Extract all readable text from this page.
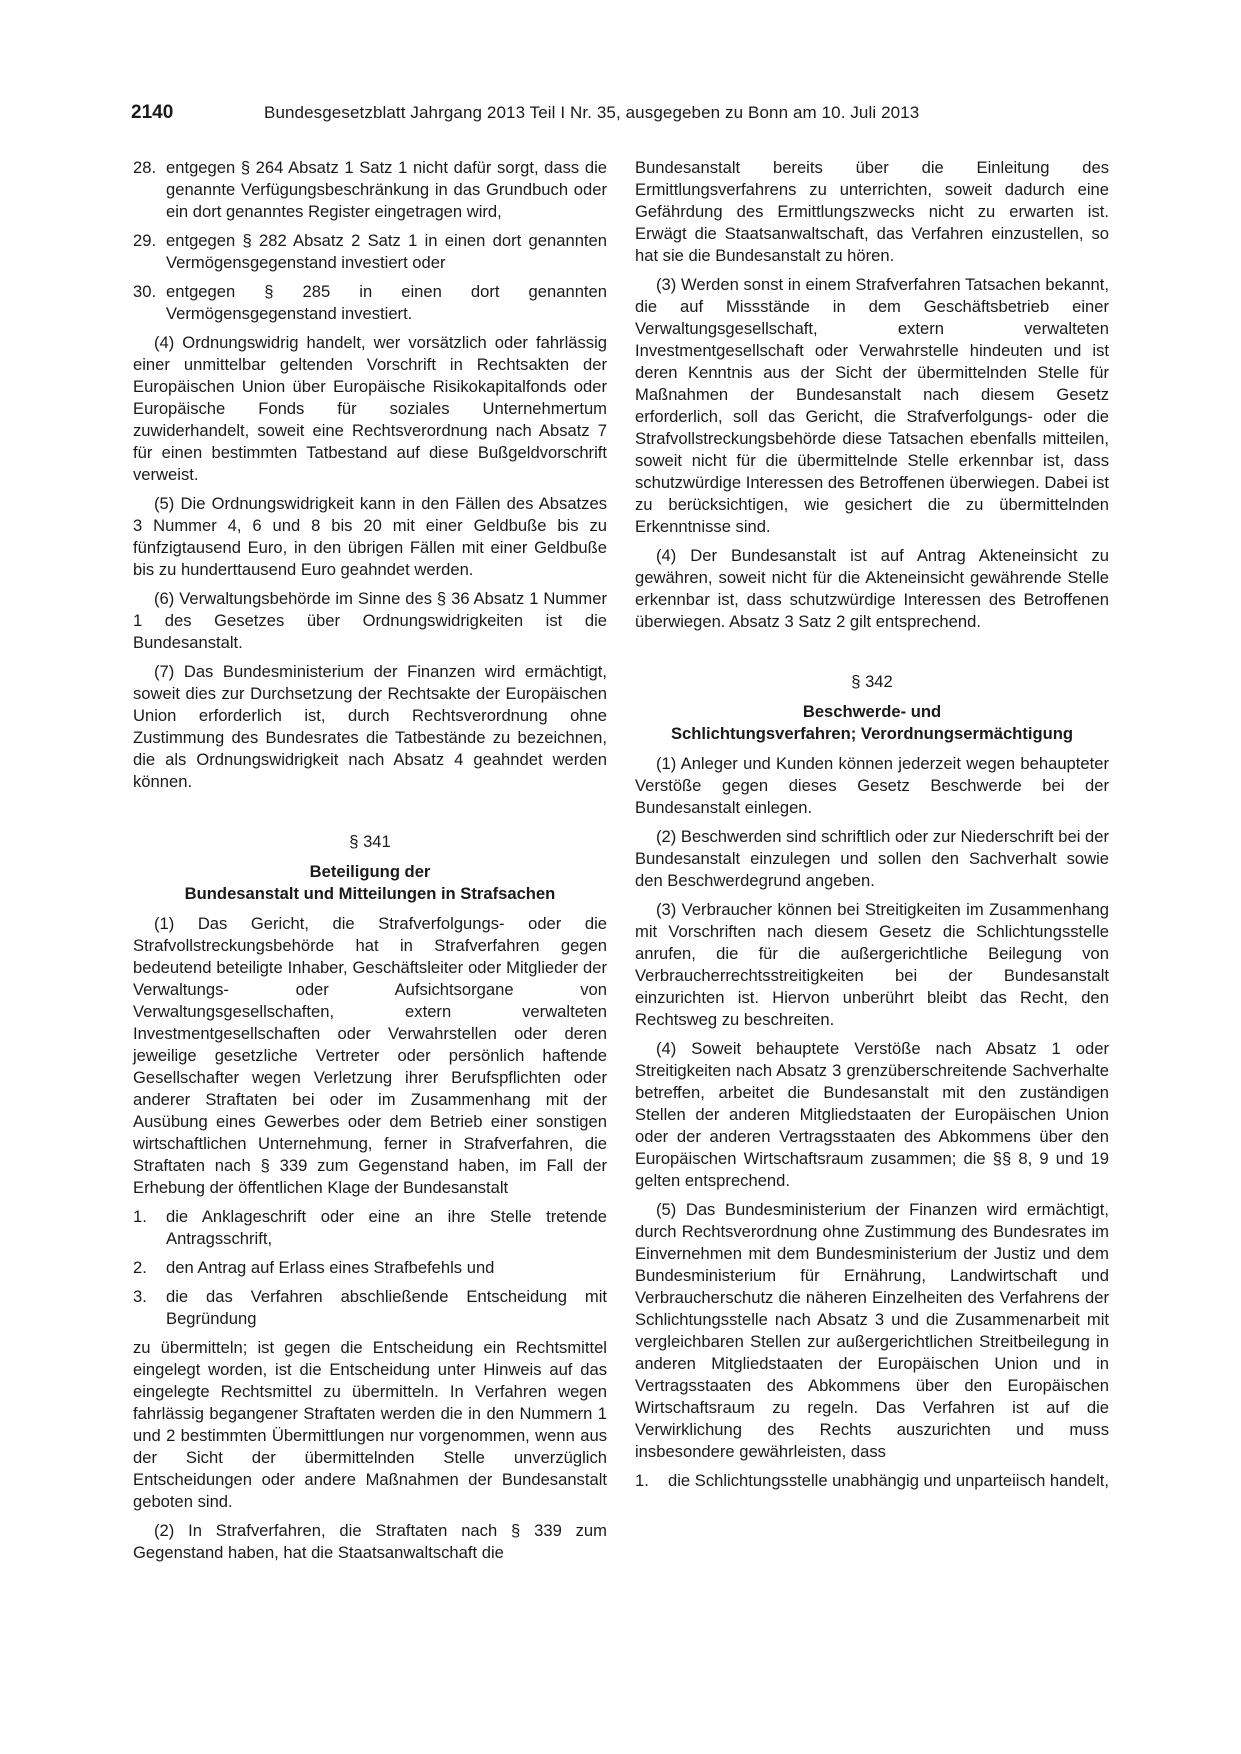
2140	Bundesgesetzblatt Jahrgang 2013 Teil I Nr. 35, ausgegeben zu Bonn am 10. Juli 2013
28. entgegen § 264 Absatz 1 Satz 1 nicht dafür sorgt, dass die genannte Verfügungsbeschränkung in das Grundbuch oder ein dort genanntes Register eingetragen wird,
29. entgegen § 282 Absatz 2 Satz 1 in einen dort genannten Vermögensgegenstand investiert oder
30. entgegen § 285 in einen dort genannten Vermögensgegenstand investiert.

(4) Ordnungswidrig handelt, wer vorsätzlich oder fahrlässig einer unmittelbar geltenden Vorschrift in Rechtsakten der Europäischen Union über Europäische Risikokapitalfonds oder Europäische Fonds für soziales Unternehmertum zuwiderhandelt, soweit eine Rechtsverordnung nach Absatz 7 für einen bestimmten Tatbestand auf diese Bußgeldvorschrift verweist.

(5) Die Ordnungswidrigkeit kann in den Fällen des Absatzes 3 Nummer 4, 6 und 8 bis 20 mit einer Geldbuße bis zu fünfzigtausend Euro, in den übrigen Fällen mit einer Geldbuße bis zu hunderttausend Euro geahndet werden.

(6) Verwaltungsbehörde im Sinne des § 36 Absatz 1 Nummer 1 des Gesetzes über Ordnungswidrigkeiten ist die Bundesanstalt.

(7) Das Bundesministerium der Finanzen wird ermächtigt, soweit dies zur Durchsetzung der Rechtsakte der Europäischen Union erforderlich ist, durch Rechtsverordnung ohne Zustimmung des Bundesrates die Tatbestände zu bezeichnen, die als Ordnungswidrigkeit nach Absatz 4 geahndet werden können.

§ 341
Beteiligung der
Bundesanstalt und Mitteilungen in Strafsachen

(1) Das Gericht, die Strafverfolgungs- oder die Strafvollstreckungsbehörde hat in Strafverfahren gegen bedeutend beteiligte Inhaber, Geschäftsleiter oder Mitglieder der Verwaltungs- oder Aufsichtsorgane von Verwaltungsgesellschaften, extern verwalteten Investmentgesellschaften oder Verwahrstellen oder deren jeweilige gesetzliche Vertreter oder persönlich haftende Gesellschafter wegen Verletzung ihrer Berufspflichten oder anderer Straftaten bei oder im Zusammenhang mit der Ausübung eines Gewerbes oder dem Betrieb einer sonstigen wirtschaftlichen Unternehmung, ferner in Strafverfahren, die Straftaten nach § 339 zum Gegenstand haben, im Fall der Erhebung der öffentlichen Klage der Bundesanstalt

1.	die Anklageschrift oder eine an ihre Stelle tretende Antragsschrift,
2.	den Antrag auf Erlass eines Strafbefehls und
3.	die das Verfahren abschließende Entscheidung mit Begründung

zu übermitteln; ist gegen die Entscheidung ein Rechtsmittel eingelegt worden, ist die Entscheidung unter Hinweis auf das eingelegte Rechtsmittel zu übermitteln. In Verfahren wegen fahrlässig begangener Straftaten werden die in den Nummern 1 und 2 bestimmten Übermittlungen nur vorgenommen, wenn aus der Sicht der übermittelnden Stelle unverzüglich Entscheidungen oder andere Maßnahmen der Bundesanstalt geboten sind.

(2) In Strafverfahren, die Straftaten nach § 339 zum Gegenstand haben, hat die Staatsanwaltschaft die

Bundesanstalt bereits über die Einleitung des Ermittlungsverfahrens zu unterrichten, soweit dadurch eine Gefährdung des Ermittlungszwecks nicht zu erwarten ist. Erwägt die Staatsanwaltschaft, das Verfahren einzustellen, so hat sie die Bundesanstalt zu hören.

(3) Werden sonst in einem Strafverfahren Tatsachen bekannt, die auf Missstände in dem Geschäftsbetrieb einer Verwaltungsgesellschaft, extern verwalteten Investmentgesellschaft oder Verwahrstelle hindeuten und ist deren Kenntnis aus der Sicht der übermittelnden Stelle für Maßnahmen der Bundesanstalt nach diesem Gesetz erforderlich, soll das Gericht, die Strafverfolgungs- oder die Strafvollstreckungsbehörde diese Tatsachen ebenfalls mitteilen, soweit nicht für die übermittelnde Stelle erkennbar ist, dass schutzwürdige Interessen des Betroffenen überwiegen. Dabei ist zu berücksichtigen, wie gesichert die zu übermittelnden Erkenntnisse sind.

(4) Der Bundesanstalt ist auf Antrag Akteneinsicht zu gewähren, soweit nicht für die Akteneinsicht gewährende Stelle erkennbar ist, dass schutzwürdige Interessen des Betroffenen überwiegen. Absatz 3 Satz 2 gilt entsprechend.

§ 342
Beschwerde- und
Schlichtungsverfahren; Verordnungsermächtigung

(1) Anleger und Kunden können jederzeit wegen behaupteter Verstöße gegen dieses Gesetz Beschwerde bei der Bundesanstalt einlegen.

(2) Beschwerden sind schriftlich oder zur Niederschrift bei der Bundesanstalt einzulegen und sollen den Sachverhalt sowie den Beschwerdegrund angeben.

(3) Verbraucher können bei Streitigkeiten im Zusammenhang mit Vorschriften nach diesem Gesetz die Schlichtungsstelle anrufen, die für die außergerichtliche Beilegung von Verbraucherrechtsstreitigkeiten bei der Bundesanstalt einzurichten ist. Hiervon unberührt bleibt das Recht, den Rechtsweg zu beschreiten.

(4) Soweit behauptete Verstöße nach Absatz 1 oder Streitigkeiten nach Absatz 3 grenzüberschreitende Sachverhalte betreffen, arbeitet die Bundesanstalt mit den zuständigen Stellen der anderen Mitgliedstaaten der Europäischen Union oder der anderen Vertragsstaaten des Abkommens über den Europäischen Wirtschaftsraum zusammen; die §§ 8, 9 und 19 gelten entsprechend.

(5) Das Bundesministerium der Finanzen wird ermächtigt, durch Rechtsverordnung ohne Zustimmung des Bundesrates im Einvernehmen mit dem Bundesministerium der Justiz und dem Bundesministerium für Ernährung, Landwirtschaft und Verbraucherschutz die näheren Einzelheiten des Verfahrens der Schlichtungsstelle nach Absatz 3 und die Zusammenarbeit mit vergleichbaren Stellen zur außergerichtlichen Streitbeilegung in anderen Mitgliedstaaten der Europäischen Union und in Vertragsstaaten des Abkommens über den Europäischen Wirtschaftsraum zu regeln. Das Verfahren ist auf die Verwirklichung des Rechts auszurichten und muss insbesondere gewährleisten, dass

1.	die Schlichtungsstelle unabhängig und unparteiisch handelt,
